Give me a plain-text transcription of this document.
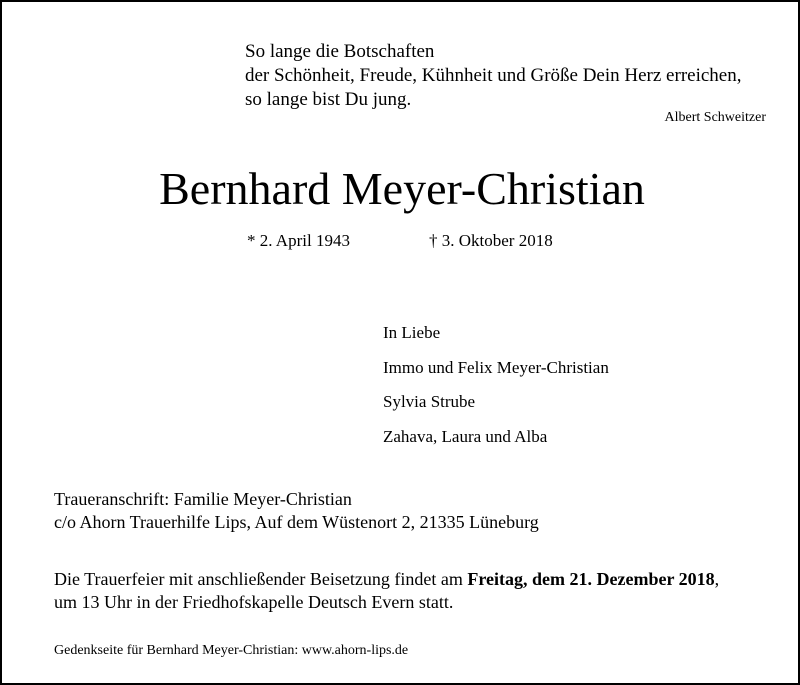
So lange die Botschaften
der Schönheit, Freude, Kühnheit und Größe Dein Herz erreichen,
so lange bist Du jung.
Albert Schweitzer
Bernhard Meyer-Christian
* 2. April 1943	† 3. Oktober 2018
In Liebe
Immo und Felix Meyer-Christian
Sylvia Strube
Zahava, Laura und Alba
Traueranschrift: Familie Meyer-Christian
c/o Ahorn Trauerhilfe Lips, Auf dem Wüstenort 2, 21335 Lüneburg
Die Trauerfeier mit anschließender Beisetzung findet am Freitag, dem 21. Dezember 2018,
um 13 Uhr in der Friedhofskapelle Deutsch Evern statt.
Gedenkseite für Bernhard Meyer-Christian: www.ahorn-lips.de
